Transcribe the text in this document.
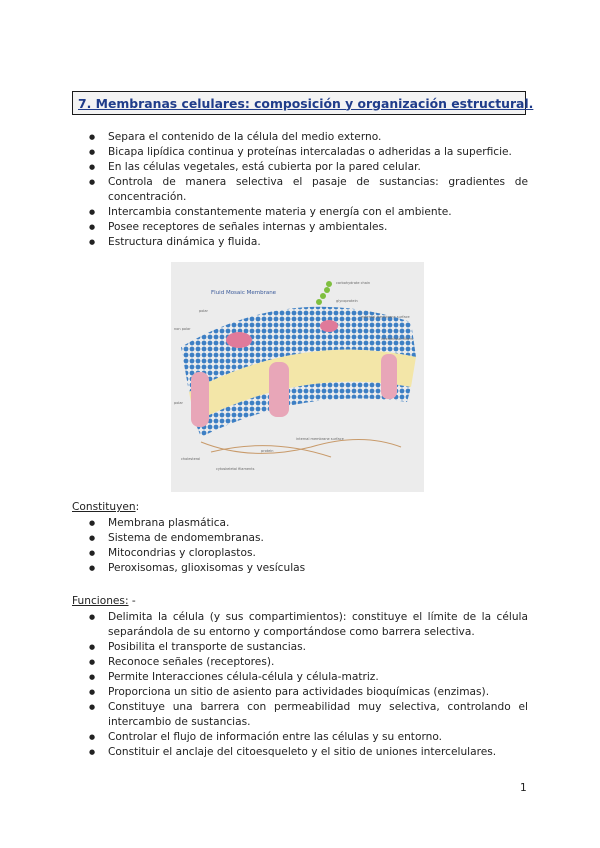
7. Membranas celulares: composición y organización estructural.
● Separa el contenido de la célula del medio externo.
● Bicapa lipídica continua y proteínas intercaladas o adheridas a la superficie.
● En las células vegetales, está cubierta por la pared celular.
● Controla de manera selectiva el pasaje de sustancias: gradientes de concentración.
● Intercambia constantemente materia y energía con el ambiente.
● Posee receptores de señales internas y ambientales.
● Estructura dinámica y fluida.
Fluid Mosaic Membrane
carbohydrate chain
glycoprotein
external membrane surface
intercellular fibers
polar
non polar
polar
internal membrane surface
protein
cytoskeletal filaments
cholesterol
Constituyen:
● Membrana plasmática.
● Sistema de endomembranas.
● Mitocondrias y cloroplastos.
● Peroxisomas, glioxisomas y vesículas
Funciones: -
● Delimita la célula (y sus compartimientos): constituye el límite de la célula separándola de su entorno y comportándose como barrera selectiva.
● Posibilita el transporte de sustancias.
● Reconoce señales (receptores).
● Permite Interacciones célula-célula y célula-matriz.
● Proporciona un sitio de asiento para actividades bioquímicas (enzimas).
● Constituye una barrera con permeabilidad muy selectiva, controlando el intercambio de sustancias.
● Controlar el flujo de información entre las células y su entorno.
● Constituir el anclaje del citoesqueleto y el sitio de uniones intercelulares.
1
